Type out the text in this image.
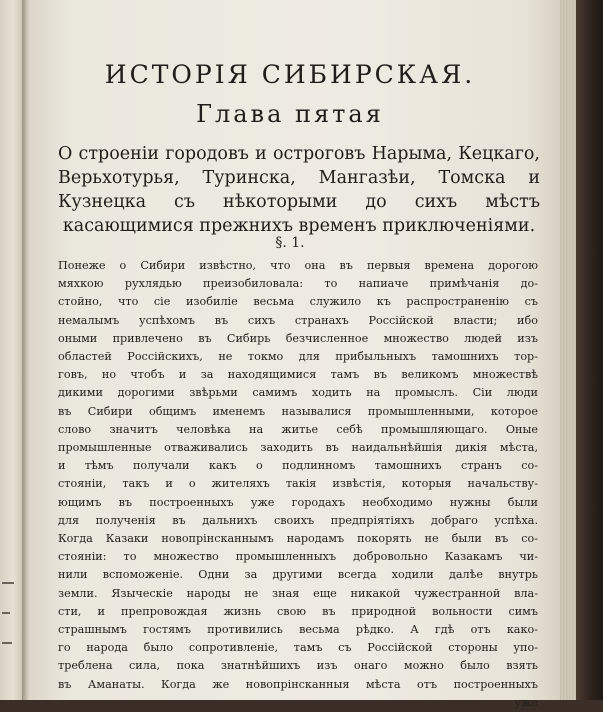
ИСТОРІЯ СИБИРСКАЯ.
Глава пятая
О строеніи городовъ и остроговъ Нарыма, Кецкаго, Верьхотурья, Туринска, Мангазѣи, Томска и Кузнецка съ нѣкоторыми до сихъ мѣстъ касающимися прежнихъ временъ приключеніями.
§. 1.
Понеже о Сибири извѣстно, что она въ первыя времена дорогою
мяхкою рухлядью преизобиловала: то напиаче примѣчанія до-
стойно, что сіе изобиліе весьма служило къ распространенію съ
немалымъ успѣхомъ въ сихъ странахъ Россійской власти; ибо
оными привлечено въ Сибирь безчисленное множество людей изъ
областей Россійскихъ, не токмо для прибыльныхъ тамошнихъ тор-
говъ, но чтобъ и за находящимися тамъ въ великомъ множествѣ
дикими дорогими звѣрьми самимъ ходить на промыслъ. Сіи люди
въ Сибири общимъ именемъ называлися промышленными, которое
слово значитъ человѣка на житье себѣ промышляющаго. Оные
промышленные отваживались заходить въ наидальнѣйшія дикія мѣста,
и тѣмъ получали какъ о подлинномъ тамошнихъ странъ со-
стояніи, такъ и о жителяхъ такія извѣстія, которыя начальству-
ющимъ въ построенныхъ уже городахъ необходимо нужны были
для полученія въ дальнихъ своихъ предпріятіяхъ добраго успѣха.
Когда Казаки новопрінсканнымъ народамъ покорять не были въ со-
стояніи: то множество промышленныхъ добровольно Казакамъ чи-
нили вспоможеніе. Одни за другими всегда ходили далѣе внутрь
земли. Языческіе народы не зная еще никакой чужестранной вла-
сти, и препровождая жизнь свою въ природной вольности симъ
страшнымъ гостямъ противились весьма рѣдко. А гдѣ отъ како-
го народа было сопротивленіе, тамъ съ Россійской стороны упо-
треблена сила, пока знатнѣйшихъ изъ онаго можно было взять
въ Аманаты. Когда же новопрінсканныя мѣста отъ построенныхъ
уже
